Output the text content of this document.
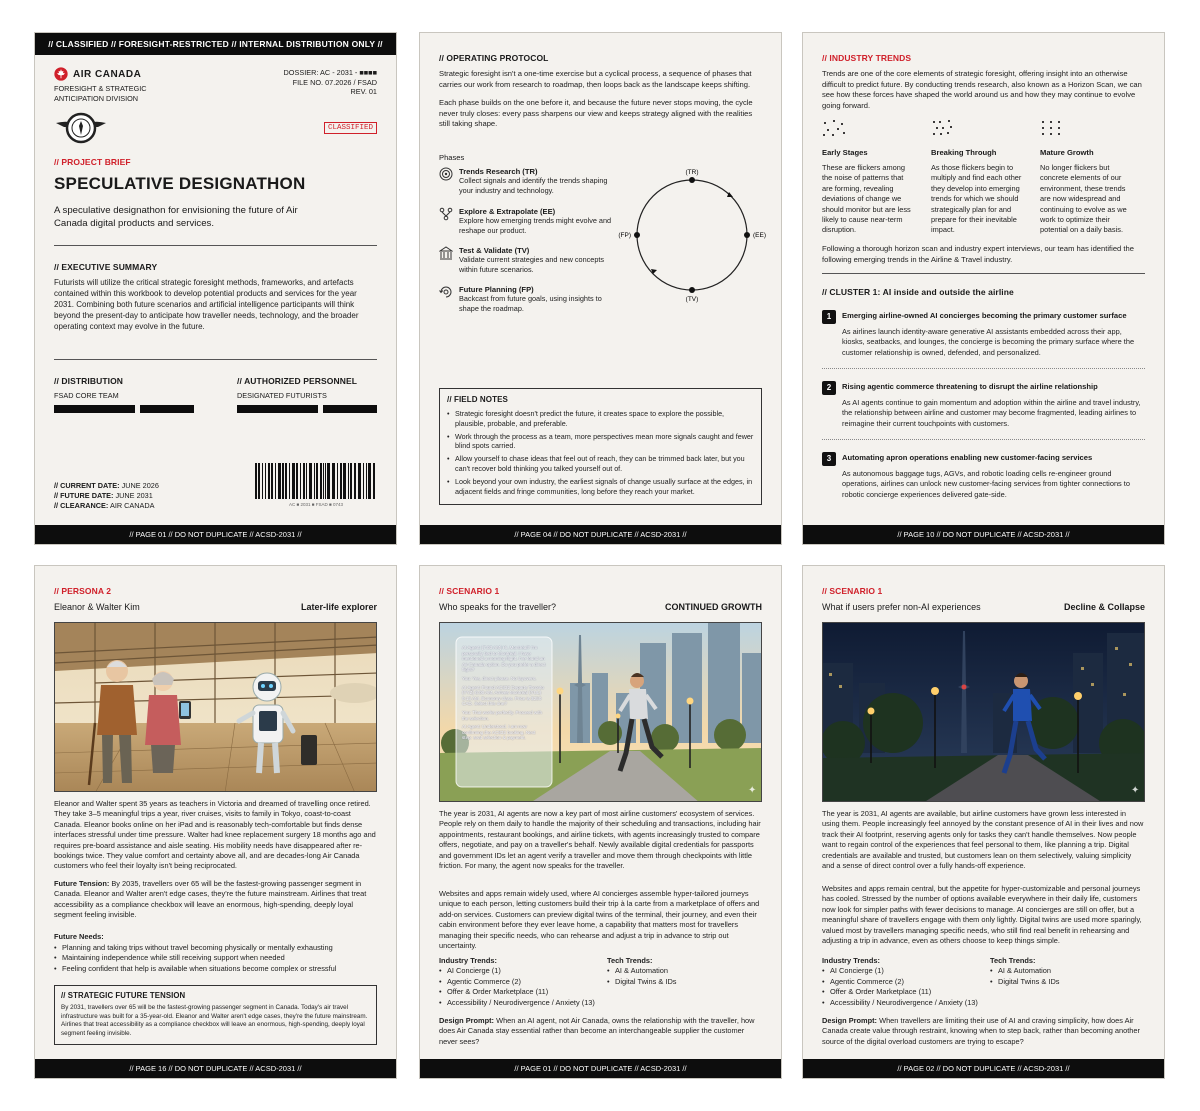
// CLASSIFIED // FORESIGHT-RESTRICTED // INTERNAL DISTRIBUTION ONLY //
AIR CANADA
FORESIGHT & STRATEGIC
ANTICIPATION DIVISION
DOSSIER: AC - 2031 - ■■■■
FILE NO. 07.2026 / FSAD
REV. 01
CLASSIFIED
// PROJECT BRIEF
SPECULATIVE DESIGNATHON
A speculative designathon for envisioning the future of Air Canada digital products and services.
// EXECUTIVE SUMMARY
Futurists will utilize the critical strategic foresight methods, frameworks, and artefacts contained within this workbook to develop potential products and services for the year 2031. Combining both future scenarios and artificial intelligence participants will think beyond the present-day to anticipate how traveller needs, technology, and the broader operating context may evolve in the future.
// DISTRIBUTION
FSAD CORE TEAM
// AUTHORIZED PERSONNEL
DESIGNATED FUTURISTS
// CURRENT DATE: JUNE 2026
// FUTURE DATE: JUNE 2031
// CLEARANCE: AIR CANADA	AC ■ 2031 ■ FSAD ■ 0743
// PAGE 01 // DO NOT DUPLICATE // ACSD-2031 //
// OPERATING PROTOCOL
Strategic foresight isn't a one-time exercise but a cyclical process, a sequence of phases that carries our work from research to roadmap, then loops back as the landscape keeps shifting.
Each phase builds on the one before it, and because the future never stops moving, the cycle never truly closes: every pass sharpens our view and keeps strategy aligned with the realities still taking shape.
Phases
Trends Research (TR)
Collect signals and identify the trends shaping your industry and technology.
Explore & Extrapolate (EE)
Explore how emerging trends might evolve and reshape our product.
Test & Validate (TV)
Validate current strategies and new concepts within future scenarios.
Future Planning (FP)
Backcast from future goals, using insights to shape the roadmap.
(TR)
(EE)
(TV)
(FP)
// FIELD NOTES
• Strategic foresight doesn't predict the future, it creates space to explore the possible, plausible, probable, and preferable.
• Work through the process as a team, more perspectives mean more signals caught and fewer blind spots carried.
• Allow yourself to chase ideas that feel out of reach, they can be trimmed back later, but you can't recover bold thinking you talked yourself out of.
• Look beyond your own industry, the earliest signals of change usually surface at the edges, in adjacent fields and fringe communities, long before they reach your market.
// PAGE 04 // DO NOT DUPLICATE // ACSD-2031 //
// INDUSTRY TRENDS
Trends are one of the core elements of strategic foresight, offering insight into an otherwise difficult to predict future. By conducting trends research, also known as a Horizon Scan, we can see how these forces have shaped the world around us and how they may continue to evolve going forward.
Early Stages
These are flickers among the noise of patterns that are forming, revealing deviations of change we should monitor but are less likely to cause near-term disruption.
Breaking Through
As those flickers begin to multiply and find each other they develop into emerging trends for which we should strategically plan for and prepare for their inevitable impact.
Mature Growth
No longer flickers but concrete elements of our environment, these trends are now widespread and continuing to evolve as we work to optimize their potential on a daily basis.
Following a thorough horizon scan and industry expert interviews, our team has identified the following emerging trends in the Airline & Travel industry.
// CLUSTER 1: AI inside and outside the airline
1	Emerging airline-owned AI concierges becoming the primary customer surface
As airlines launch identity-aware generative AI assistants embedded across their app, kiosks, seatbacks, and lounges, the concierge is becoming the primary surface where the customer relationship is owned, defended, and personalized.
2	Rising agentic commerce threatening to disrupt the airline relationship
As AI agents continue to gain momentum and adoption within the airline and travel industry, the relationship between airline and customer may become fragmented, leading airlines to reimagine their current touchpoints with customers.
3	Automating apron operations enabling new customer-facing services
As autonomous baggage tugs, AGVs, and robotic loading cells re-engineer ground operations, airlines can unlock new customer-facing services from tighter connections to robotic concierge experiences delivered gate-side.
// PAGE 10 // DO NOT DUPLICATE // ACSD-2031 //
// PERSONA 2
Eleanor & Walter Kim	Later-life explorer
Eleanor and Walter spent 35 years as teachers in Victoria and dreamed of travelling once retired. They take 3–5 meaningful trips a year, river cruises, visits to family in Tokyo, coast-to-coast Canada. Eleanor books online on her iPad and is reasonably tech-comfortable but finds dense interfaces stressful under time pressure. Walter had knee replacement surgery 18 months ago and requires pre-board assistance and aisle seating. His mobility needs have disappeared after re-bookings twice. They value comfort and certainty above all, and are decades-long Air Canada customers who feel their loyalty isn't being reciprocated.
Future Tension: By 2035, travellers over 65 will be the fastest-growing passenger segment in Canada. Eleanor and Walter aren't edge cases, they're the future mainstream. Airlines that treat accessibility as a compliance checkbox will leave an enormous, high-spending, deeply loyal segment feeling invisible.
Future Needs:
• Planning and taking trips without travel becoming physically or mentally exhausting
• Maintaining independence while still receiving support when needed
• Feeling confident that help is available when situations become complex or stressful
// STRATEGIC FUTURE TENSION
By 2031, travellers over 65 will be the fastest-growing passenger segment in Canada. Today's air travel infrastructure was built for a 35-year-old. Eleanor and Walter aren't edge cases, they're the future mainstream. Airlines that treat accessibility as a compliance checkbox will leave an enormous, high-spending, deeply loyal segment feeling invisible.
// PAGE 16 // DO NOT DUPLICATE // ACSD-2031 //
// SCENARIO 1
Who speaks for the traveller?	CONTINUED GROWTH
✦
AI Agent: [7:03 AM] Hi, Montréal? I'm personally tied to Montréal. I have mentioned a morning flight. I've found an Air Canada option. Do you prefer a direct flight?
You: Yes, direct please. No layovers.
AI Agent: Found AC832 Departs Toronto (YYZ) 6:00 AM, Arrives Montréal (YUL) 9:15 AM. Economy class. Price is $250 CAD. Select this one?
You: That works perfectly. Proceed with the selection.
AI Agent: Understood. I am now confirming the AC832 booking. Next step: seat selection & payment.
The year is 2031, AI agents are now a key part of most airline customers' ecosystem of services. People rely on them daily to handle the majority of their scheduling and transactions, including hair appointments, restaurant bookings, and airline tickets, with agents increasingly trusted to compare offers, negotiate, and pay on a traveller's behalf. Newly available digital credentials for passports and government IDs let an agent verify a traveller and move them through checkpoints with little friction. For many, the agent now speaks for the traveller.
Websites and apps remain widely used, where AI concierges assemble hyper-tailored journeys unique to each person, letting customers build their trip à la carte from a marketplace of offers and add-on services. Customers can preview digital twins of the terminal, their journey, and even their cabin environment before they ever leave home, a capability that matters most for travellers managing their specific needs, who can rehearse and adjust a trip in advance to strip out uncertainty.
Industry Trends:
• AI Concierge (1)
• Agentic Commerce (2)
• Offer & Order Marketplace (11)
• Accessibility / Neurodivergence / Anxiety (13)
Tech Trends:
• AI & Automation
• Digital Twins & IDs
Design Prompt: When an AI agent, not Air Canada, owns the relationship with the traveller, how does Air Canada stay essential rather than become an interchangeable supplier the customer never sees?
// PAGE 01 // DO NOT DUPLICATE // ACSD-2031 //
// SCENARIO 1
What if users prefer non-AI experiences	Decline & Collapse
✦
The year is 2031, AI agents are available, but airline customers have grown less interested in using them. People increasingly feel annoyed by the constant presence of AI in their lives and now track their AI footprint, reserving agents only for tasks they can't handle themselves. Now people want to regain control of the experiences that feel personal to them, like planning a trip. Digital credentials are available and trusted, but customers lean on them selectively, valuing simplicity and a sense of direct control over a fully hands-off experience.
Websites and apps remain central, but the appetite for hyper-customizable and personal journeys has cooled. Stressed by the number of options available everywhere in their daily life, customers now look for simpler paths with fewer decisions to manage. AI concierges are still on offer, but a meaningful share of travellers engage with them only lightly. Digital twins are used more sparingly, valued most by travellers managing specific needs, who still find real benefit in rehearsing and adjusting a trip in advance, even as others choose to keep things simple.
Industry Trends:
• AI Concierge (1)
• Agentic Commerce (2)
• Offer & Order Marketplace (11)
• Accessibility / Neurodivergence / Anxiety (13)
Tech Trends:
• AI & Automation
• Digital Twins & IDs
Design Prompt: When travellers are limiting their use of AI and craving simplicity, how does Air Canada create value through restraint, knowing when to step back, rather than becoming another source of the digital overload customers are trying to escape?
// PAGE 02 // DO NOT DUPLICATE // ACSD-2031 //
